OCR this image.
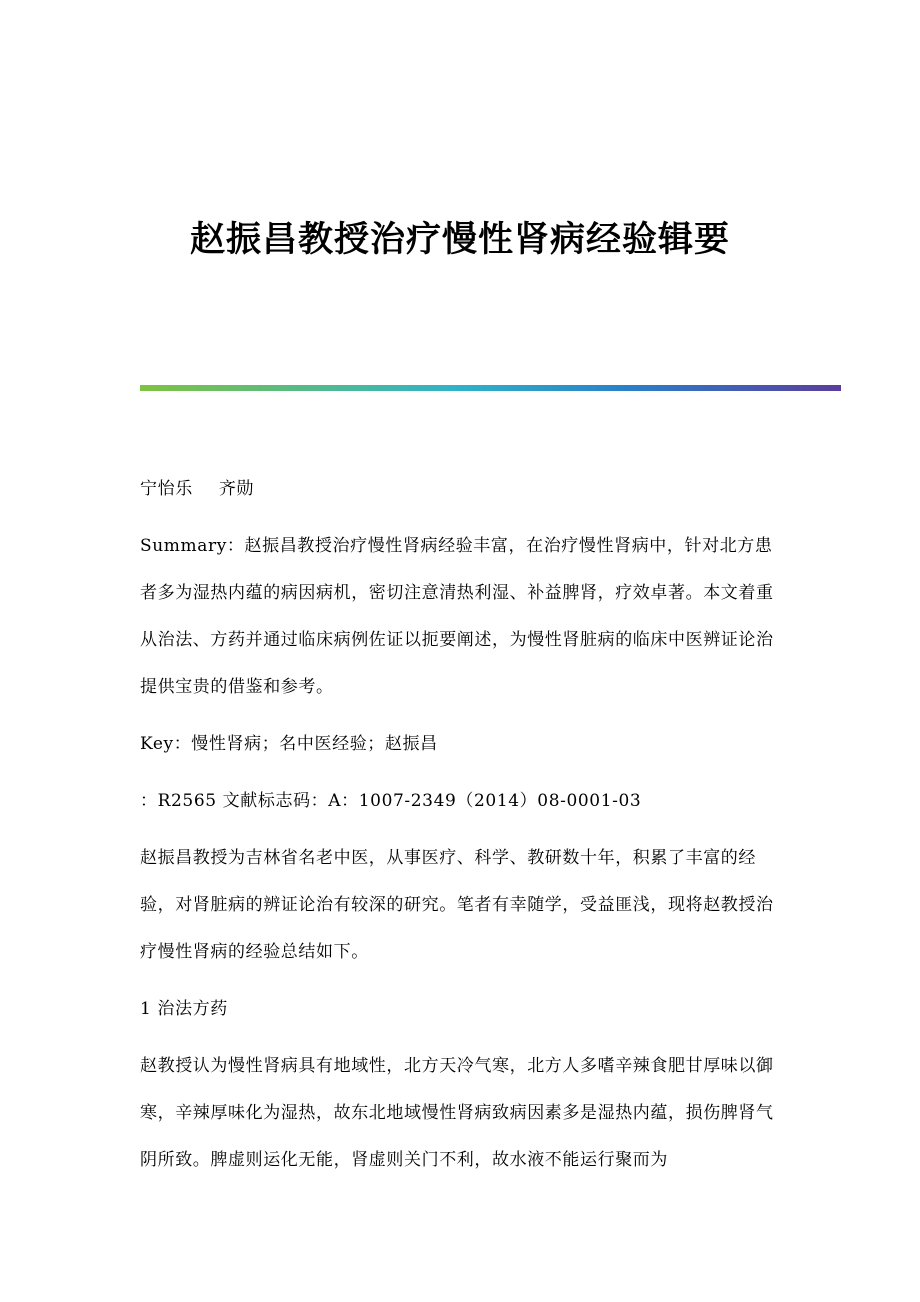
赵振昌教授治疗慢性肾病经验辑要

宁怡乐 齐勋

Summary：赵振昌教授治疗慢性肾病经验丰富，在治疗慢性肾病中，针对北方患者多为湿热内蕴的病因病机，密切注意清热利湿、补益脾肾，疗效卓著。本文着重从治法、方药并通过临床病例佐证以扼要阐述，为慢性肾脏病的临床中医辨证论治提供宝贵的借鉴和参考。

Key：慢性肾病；名中医经验；赵振昌

：R2565 文献标志码：A：1007-2349（2014）08-0001-03

赵振昌教授为吉林省名老中医，从事医疗、科学、教研数十年，积累了丰富的经验，对肾脏病的辨证论治有较深的研究。笔者有幸随学，受益匪浅，现将赵教授治疗慢性肾病的经验总结如下。

1 治法方药

赵教授认为慢性肾病具有地域性，北方天冷气寒，北方人多嗜辛辣食肥甘厚味以御寒，辛辣厚味化为湿热，故东北地域慢性肾病致病因素多是湿热内蕴，损伤脾肾气阴所致。脾虚则运化无能，肾虚则关门不利，故水液不能运行聚而为
